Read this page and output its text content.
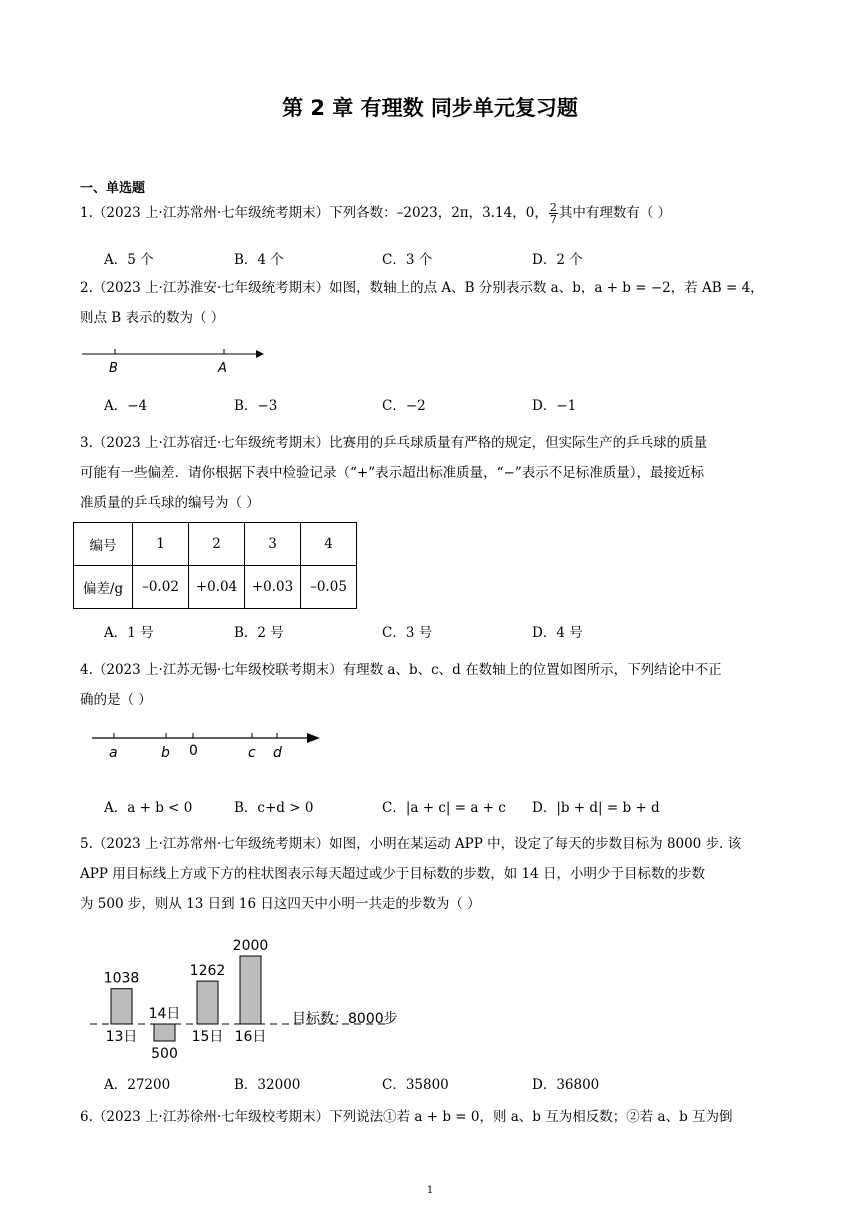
第 2 章 有理数 同步单元复习题
一、单选题
1.（2023 上·江苏常州·七年级统考期末）下列各数：–2023，2π，3.14，0， $\frac{2}{7}$ 其中有理数有（ ）
A．5 个	B．4 个	C．3 个	D．2 个
2.（2023 上·江苏淮安·七年级统考期末）如图，数轴上的点 A、B 分别表示数 a、b，a + b = −2，若 AB = 4，
则点 B 表示的数为（ ）
B	A
A．−4	B．−3	C．−2	D．−1
3.（2023 上·江苏宿迁·七年级统考期末）比赛用的乒乓球质量有严格的规定，但实际生产的乒乓球的质量
可能有一些偏差．请你根据下表中检验记录（“+”表示超出标准质量，“−”表示不足标准质量），最接近标
准质量的乒乓球的编号为（ ）
编号	1	2	3	4
偏差/g	–0.02	+0.04	+0.03	–0.05
A．1 号	B．2 号	C．3 号	D．4 号
4.（2023 上·江苏无锡·七年级校联考期末）有理数 a、b、c、d 在数轴上的位置如图所示，下列结论中不正
确的是（ ）
a	b 0	c d
A．a + b < 0	B．c+d > 0	C．|a + c| = a + c D．|b + d| = b + d
5.（2023 上·江苏常州·七年级统考期末）如图，小明在某运动 APP 中，设定了每天的步数目标为 8000 步. 该
APP 用目标线上方或下方的柱状图表示每天超过或少于目标数的步数，如 14 日，小明少于目标数的步数
为 500 步，则从 13 日到 16 日这四天中小明一共走的步数为（ ）
目标数：8000步
1038
13日
500
14日
1262
15日
2000
16日
A．27200	B．32000	C．35800	D．36800
6.（2023 上·江苏徐州·七年级校考期末）下列说法①若 a + b = 0，则 a、b 互为相反数；②若 a、b 互为倒
1
